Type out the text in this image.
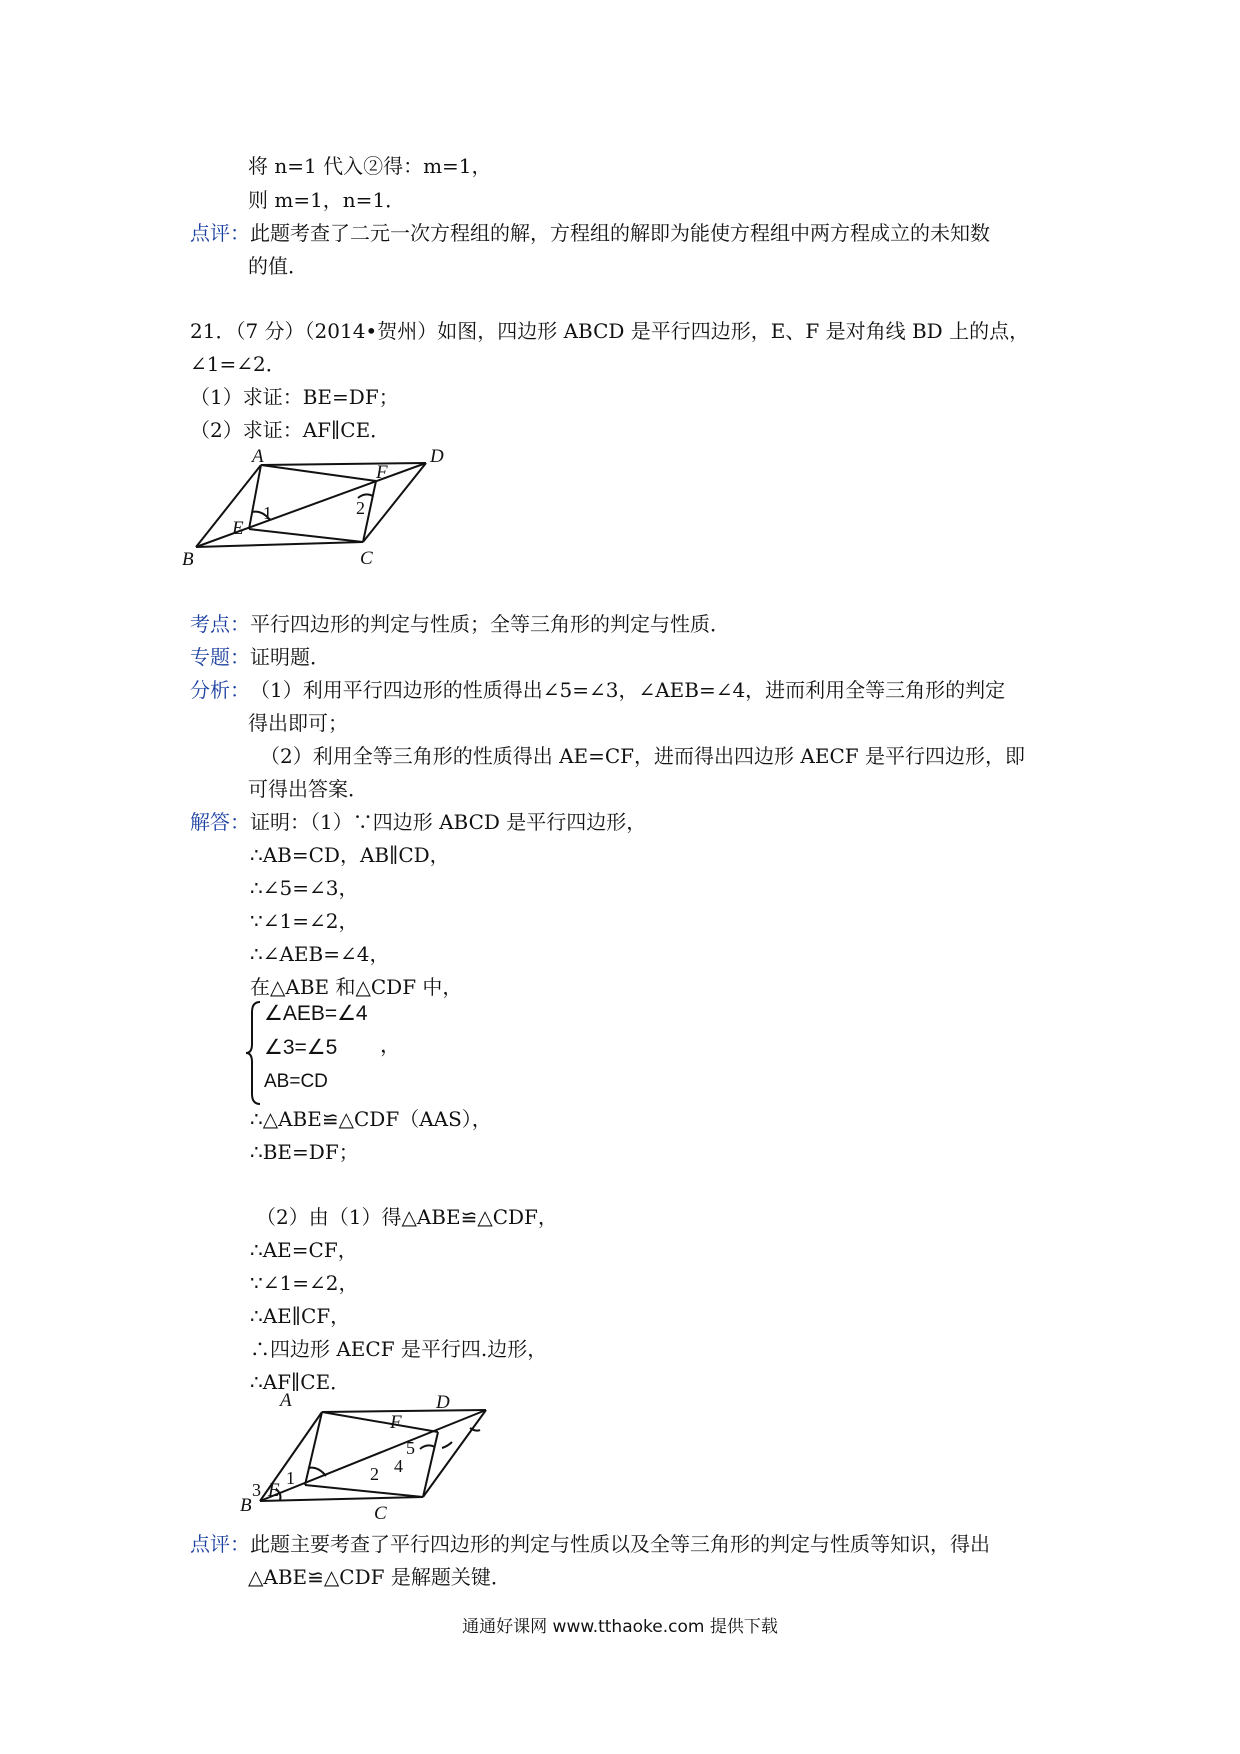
将 n=1 代入②得：m=1，
则 m=1，n=1．
点评： 此题考查了二元一次方程组的解，方程组的解即为能使方程组中两方程成立的未知数
的值．
21．（7 分）（2014•贺州）如图，四边形 ABCD 是平行四边形，E、F 是对角线 BD 上的点，
∠1=∠2．
（1）求证：BE=DF；
（2）求证：AF∥CE．
A	D
B	C
E
F
1	2
考点： 平行四边形的判定与性质；全等三角形的判定与性质．
专题： 证明题．
分析： （1）利用平行四边形的性质得出∠5=∠3，∠AEB=∠4，进而利用全等三角形的判定
得出即可；
（2）利用全等三角形的性质得出 AE=CF，进而得出四边形 AECF 是平行四边形，即
可得出答案．
解答： 证明：（1）∵四边形 ABCD 是平行四边形，
∴AB=CD，AB∥CD，
∴∠5=∠3，
∵∠1=∠2，
∴∠AEB=∠4，
在△ABE 和△CDF 中，
∠AEB=∠4
∠3=∠5 ，
AB=CD
∴△ABE≌△CDF（AAS），
∴BE=DF；
（2）由（1）得△ABE≌△CDF，
∴AE=CF，
∵∠1=∠2，
∴AE∥CF，
∴四边形 AECF 是平行四.边形，
∴AF∥CE．
A	D
B	C
E
F
1	2
3
4
5
点评： 此题主要考查了平行四边形的判定与性质以及全等三角形的判定与性质等知识，得出
△ABE≌△CDF 是解题关键．
通通好课网 www.tthaoke.com 提供下载
